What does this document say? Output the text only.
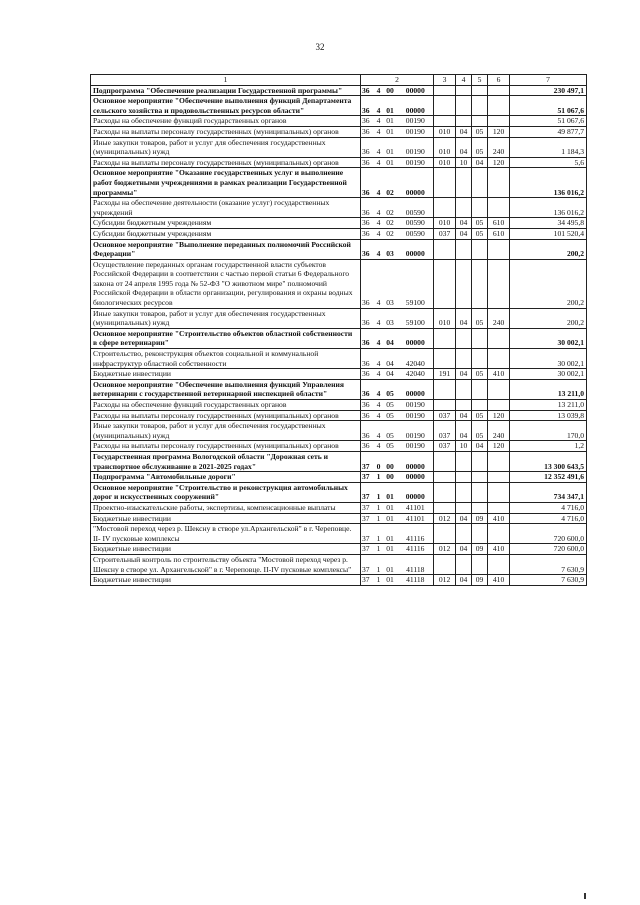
32
1	2				3	4	5	6	7
Подпрограмма "Обеспечение реализации Государственной программы"	36	4	00	00000					230 497,1
Основное мероприятие "Обеспечение выполнения функций Департамента сельского хозяйства и продовольственных ресурсов области"	36	4	01	00000					51 067,6
Расходы на обеспечение функций государственных органов	36	4	01	00190					51 067,6
Расходы на выплаты персоналу государственных (муниципальных) органов	36	4	01	00190	010	04	05	120	49 877,7
Иные закупки товаров, работ и услуг для обеспечения государственных (муниципальных) нужд	36	4	01	00190	010	04	05	240	1 184,3
Расходы на выплаты персоналу государственных (муниципальных) органов	36	4	01	00190	010	10	04	120	5,6
Основное мероприятие "Оказание государственных услуг и выполнение работ бюджетными учреждениями в рамках реализации Государственной программы"	36	4	02	00000					136 016,2
Расходы на обеспечение деятельности (оказание услуг) государственных учреждений	36	4	02	00590					136 016,2
Субсидии бюджетным учреждениям	36	4	02	00590	010	04	05	610	34 495,8
Субсидии бюджетным учреждениям	36	4	02	00590	037	04	05	610	101 520,4
Основное мероприятие "Выполнение переданных полномочий Российской Федерации"	36	4	03	00000					200,2
Осуществление переданных органам государственной власти субъектов Российской Федерации в соответствии с частью первой статьи 6 Федерального закона от 24 апреля 1995 года № 52-ФЗ "О животном мире" полномочий Российской Федерации в области организации, регулирования и охраны водных биологических ресурсов	36	4	03	59100					200,2
Иные закупки товаров, работ и услуг для обеспечения государственных (муниципальных) нужд	36	4	03	59100	010	04	05	240	200,2
Основное мероприятие "Строительство объектов областной собственности в сфере ветеринарии"	36	4	04	00000					30 002,1
Строительство, реконструкция объектов социальной и коммунальной инфраструктур областной собственности	36	4	04	42040					30 002,1
Бюджетные инвестиции	36	4	04	42040	191	04	05	410	30 002,1
Основное мероприятие "Обеспечение выполнения функций Управления ветеринарии с государственной ветеринарной инспекцией области"	36	4	05	00000					13 211,0
Расходы на обеспечение функций государственных органов	36	4	05	00190					13 211,0
Расходы на выплаты персоналу государственных (муниципальных) органов	36	4	05	00190	037	04	05	120	13 039,8
Иные закупки товаров, работ и услуг для обеспечения государственных (муниципальных) нужд	36	4	05	00190	037	04	05	240	170,0
Расходы на выплаты персоналу государственных (муниципальных) органов	36	4	05	00190	037	10	04	120	1,2
Государственная программа Вологодской области "Дорожная сеть и транспортное обслуживание в 2021-2025 годах"	37	0	00	00000					13 300 643,5
Подпрограмма "Автомобильные дороги"	37	1	00	00000					12 352 491,6
Основное мероприятие "Строительство и реконструкция автомобильных дорог и искусственных сооружений"	37	1	01	00000					734 347,1
Проектно-изыскательские работы, экспертизы, компенсационные выплаты	37	1	01	41101					4 716,0
Бюджетные инвестиции	37	1	01	41101	012	04	09	410	4 716,0
"Мостовой переход через р. Шексну в створе ул.Архангельской" в г. Череповце. II- IV пусковые комплексы	37	1	01	41116					720 600,0
Бюджетные инвестиции	37	1	01	41116	012	04	09	410	720 600,0
Строительный контроль по строительству объекта "Мостовой переход через р. Шексну в створе ул. Архангельской" в г. Череповце. II-IV пусковые комплексы"	37	1	01	41118					7 630,9
Бюджетные инвестиции	37	1	01	41118	012	04	09	410	7 630,9
